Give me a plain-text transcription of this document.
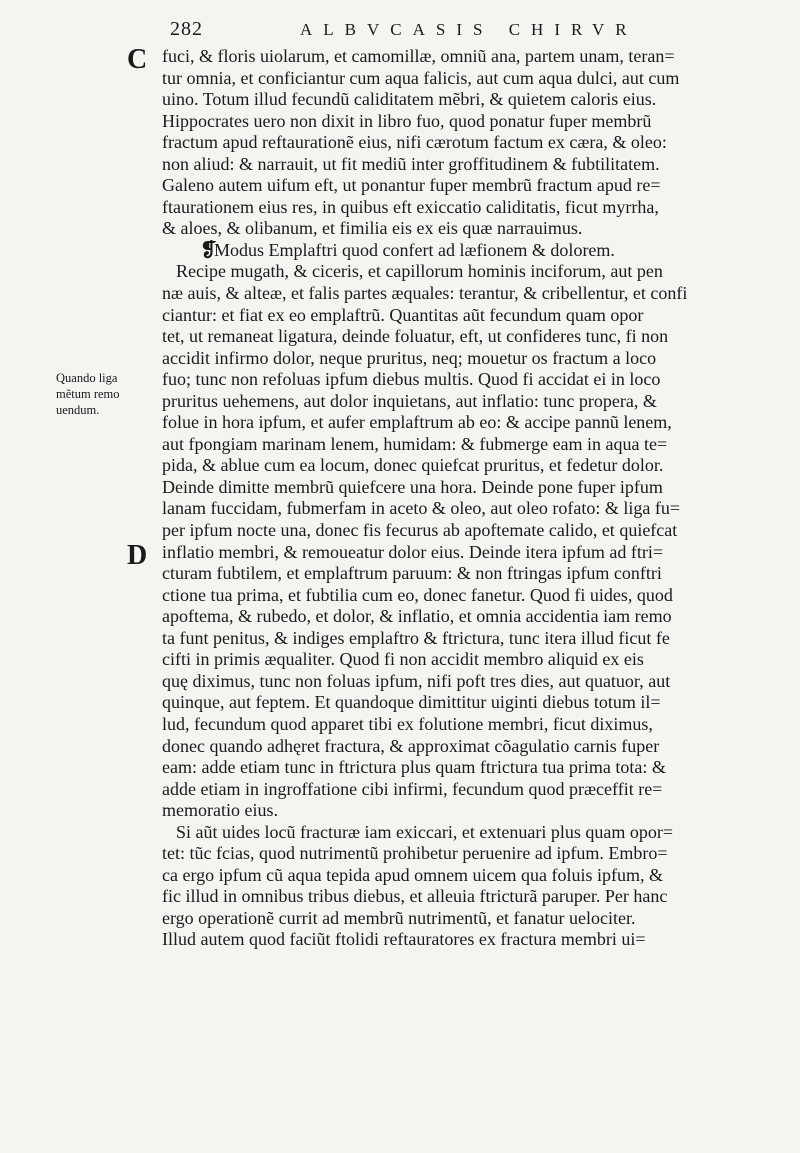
282	ALBVCASIS CHIRVR
C
D
Quando liga
mẽtum remo
uendum.
fuci, & floris uiolarum, et camomillæ, omniũ ana, partem unam, teran=
tur omnia, et conficiantur cum aqua falicis, aut cum aqua dulci, aut cum
uino. Totum illud fecundũ caliditatem mẽbri, & quietem caloris eius.
Hippocrates uero non dixit in libro fuo, quod ponatur fuper membrũ
fractum apud reftaurationẽ eius, nifi cærotum factum ex cæra, & oleo:
non aliud: & narrauit, ut fit mediũ inter groffitudinem & fubtilitatem.
Galeno autem uifum eft, ut ponantur fuper membrũ fractum apud re=
ftaurationem eius res, in quibus eft exiccatio caliditatis, ficut myrrha,
& aloes, & olibanum, et fimilia eis ex eis quæ narrauimus.
❡
Modus Emplaftri quod confert ad læfionem & dolorem.
Recipe mugath, & ciceris, et capillorum hominis inciforum, aut pen
næ auis, & alteæ, et falis partes æquales: terantur, & cribellentur, et confi
ciantur: et fiat ex eo emplaftrũ. Quantitas aũt fecundum quam opor
tet, ut remaneat ligatura, deinde foluatur, eft, ut confideres tunc, fi non
accidit infirmo dolor, neque pruritus, neq; mouetur os fractum a loco
fuo; tunc non refoluas ipfum diebus multis. Quod fi accidat ei in loco
pruritus uehemens, aut dolor inquietans, aut inflatio: tunc propera, &
folue in hora ipfum, et aufer emplaftrum ab eo: & accipe pannũ lenem,
aut fpongiam marinam lenem, humidam: & fubmerge eam in aqua te=
pida, & ablue cum ea locum, donec quiefcat pruritus, et fedetur dolor.
Deinde dimitte membrũ quiefcere una hora. Deinde pone fuper ipfum
lanam fuccidam, fubmerfam in aceto & oleo, aut oleo rofato: & liga fu=
per ipfum nocte una, donec fis fecurus ab apoftemate calido, et quiefcat
inflatio membri, & remoueatur dolor eius. Deinde itera ipfum ad ftri=
cturam fubtilem, et emplaftrum paruum: & non ftringas ipfum conftri
ctione tua prima, et fubtilia cum eo, donec fanetur. Quod fi uides, quod
apoftema, & rubedo, et dolor, & inflatio, et omnia accidentia iam remo
ta funt penitus, & indiges emplaftro & ftrictura, tunc itera illud ficut fe
cifti in primis æqualiter. Quod fi non accidit membro aliquid ex eis
quę diximus, tunc non foluas ipfum, nifi poft tres dies, aut quatuor, aut
quinque, aut feptem. Et quandoque dimittitur uiginti diebus totum il=
lud, fecundum quod apparet tibi ex folutione membri, ficut diximus,
donec quando adhęret fractura, & approximat cõagulatio carnis fuper
eam: adde etiam tunc in ftrictura plus quam ftrictura tua prima tota: &
adde etiam in ingroffatione cibi infirmi, fecundum quod præceffit re=
memoratio eius.
Si aũt uides locũ fracturæ iam exiccari, et extenuari plus quam opor=
tet: tũc fcias, quod nutrimentũ prohibetur peruenire ad ipfum. Embro=
ca ergo ipfum cũ aqua tepida apud omnem uicem qua foluis ipfum, &
fic illud in omnibus tribus diebus, et alleuia ftricturã paruper. Per hanc
ergo operationẽ currit ad membrũ nutrimentũ, et fanatur uelociter.
Illud autem quod faciũt ftolidi reftauratores ex fractura membri ui=
